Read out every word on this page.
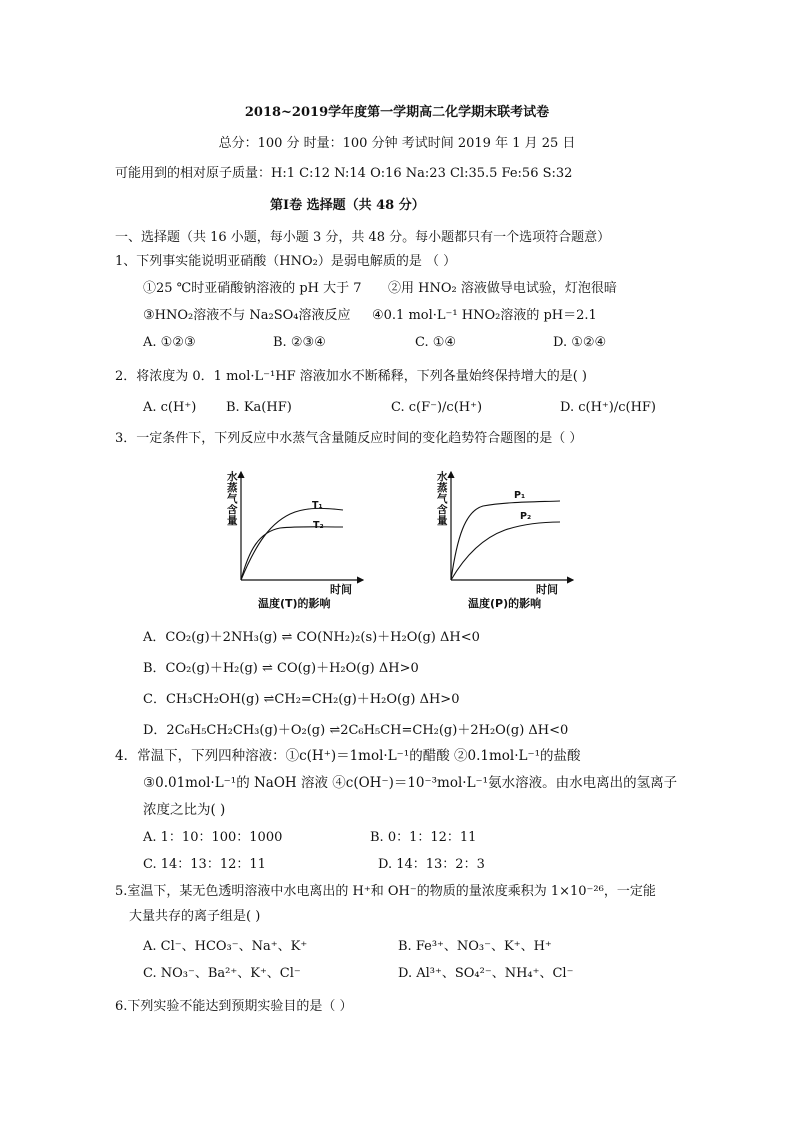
2018~2019学年度第一学期高二化学期末联考试卷
总分：100 分 时量：100 分钟 考试时间 2019 年 1 月 25 日
可能用到的相对原子质量：H:1 C:12 N:14 O:16 Na:23 Cl:35.5 Fe:56 S:32
第Ⅰ卷 选择题（共 48 分）
一、选择题（共 16 小题，每小题 3 分，共 48 分。每小题都只有一个选项符合题意）
1、下列事实能说明亚硝酸（HNO₂）是弱电解质的是 （ ）
①25 ℃时亚硝酸钠溶液的 pH 大于 7 ②用 HNO₂ 溶液做导电试验，灯泡很暗
③HNO₂溶液不与 Na₂SO₄溶液反应 ④0.1 mol·L⁻¹ HNO₂溶液的 pH＝2.1
A. ①②③	B. ②③④	C. ①④	D. ①②④
2．将浓度为 0．1 mol·L⁻¹HF 溶液加水不断稀释，下列各量始终保持增大的是( )
A. c(H⁺) B. Ka(HF)	C. c(F⁻)/c(H⁺)	D. c(H⁺)/c(HF)
3．一定条件下，下列反应中水蒸气含量随反应时间的变化趋势符合题图的是（ ）
水
蒸
气
含
量
T₁
T₂
时间
温度(T)的影响
水
蒸
气
含
量
P₁
P₂
时间
温度(P)的影响
A．CO₂(g)＋2NH₃(g) ⇌ CO(NH₂)₂(s)＋H₂O(g) ΔH<0
B．CO₂(g)＋H₂(g) ⇌ CO(g)＋H₂O(g) ΔH>0
C．CH₃CH₂OH(g) ⇌CH₂=CH₂(g)＋H₂O(g) ΔH>0
D．2C₆H₅CH₂CH₃(g)＋O₂(g) ⇌2C₆H₅CH=CH₂(g)＋2H₂O(g) ΔH<0
4．常温下，下列四种溶液：①c(H⁺)＝1mol·L⁻¹的醋酸 ②0.1mol·L⁻¹的盐酸
③0.01mol·L⁻¹的 NaOH 溶液 ④c(OH⁻)＝10⁻³mol·L⁻¹氨水溶液。由水电离出的氢离子
浓度之比为( )
A. 1：10：100：1000	B. 0：1：12：11
C. 14：13：12：11	D. 14：13：2：3
5.室温下，某无色透明溶液中水电离出的 H⁺和 OH⁻的物质的量浓度乘积为 1×10⁻²⁶，一定能
大量共存的离子组是( )
A. Cl⁻、HCO₃⁻、Na⁺、K⁺	B. Fe³⁺、NO₃⁻、K⁺、H⁺
C. NO₃⁻、Ba²⁺、K⁺、Cl⁻	D. Al³⁺、SO₄²⁻、NH₄⁺、Cl⁻
6.下列实验不能达到预期实验目的是（ ）
